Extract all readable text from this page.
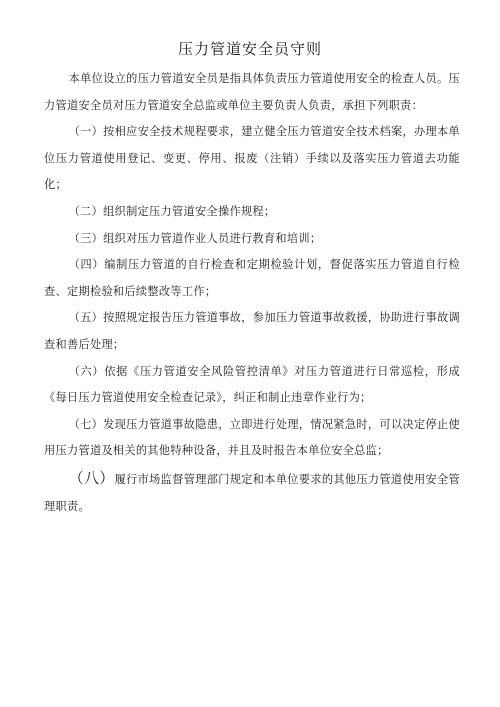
压力管道安全员守则

本单位设立的压力管道安全员是指具体负责压力管道使用安全的检查人员。压力管道安全员对压力管道安全总监或单位主要负责人负责，承担下列职责：

（一）按相应安全技术规程要求，建立健全压力管道安全技术档案，办理本单位压力管道使用登记、变更、停用、报废（注销）手续以及落实压力管道去功能化；

（二）组织制定压力管道安全操作规程；

（三）组织对压力管道作业人员进行教育和培训；

（四）编制压力管道的自行检查和定期检验计划，督促落实压力管道自行检查、定期检验和后续整改等工作；

（五）按照规定报告压力管道事故，参加压力管道事故救援，协助进行事故调查和善后处理；

（六）依据《压力管道安全风险管控清单》对压力管道进行日常巡检，形成《每日压力管道使用安全检查记录》，纠正和制止违章作业行为；

（七）发现压力管道事故隐患，立即进行处理，情况紧急时，可以决定停止使用压力管道及相关的其他特种设备，并且及时报告本单位安全总监；

（八）履行市场监督管理部门规定和本单位要求的其他压力管道使用安全管理职责。
